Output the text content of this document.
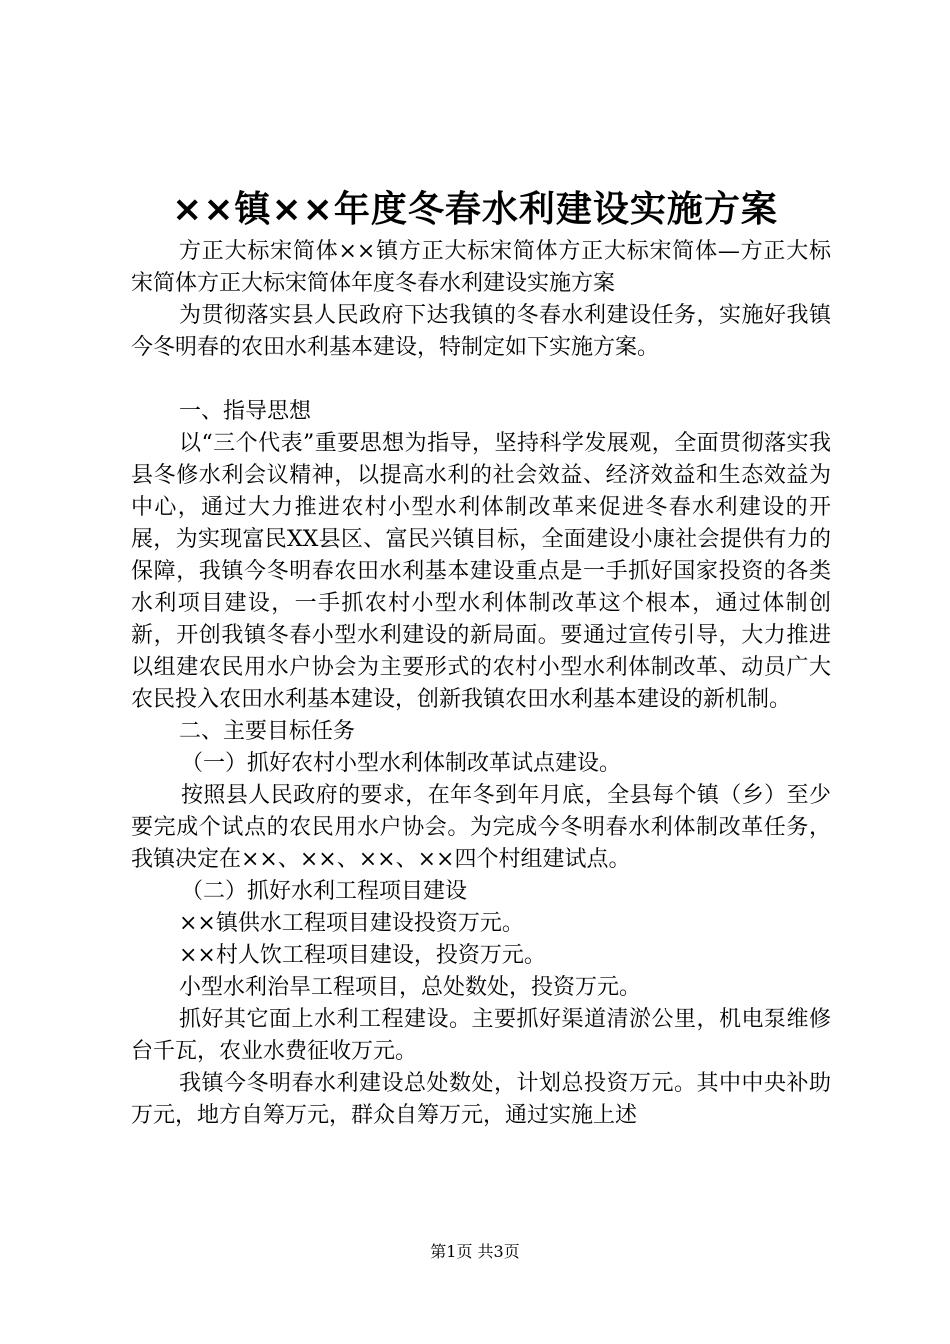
××镇××年度冬春水利建设实施方案

方正大标宋简体××镇方正大标宋简体方正大标宋简体—方正大标宋简体方正大标宋简体年度冬春水利建设实施方案

为贯彻落实县人民政府下达我镇的冬春水利建设任务，实施好我镇今冬明春的农田水利基本建设，特制定如下实施方案。

一、指导思想

以“三个代表”重要思想为指导，坚持科学发展观，全面贯彻落实我县冬修水利会议精神，以提高水利的社会效益、经济效益和生态效益为中心，通过大力推进农村小型水利体制改革来促进冬春水利建设的开展，为实现富民XX县区、富民兴镇目标，全面建设小康社会提供有力的保障，我镇今冬明春农田水利基本建设重点是一手抓好国家投资的各类水利项目建设，一手抓农村小型水利体制改革这个根本，通过体制创新，开创我镇冬春小型水利建设的新局面。要通过宣传引导，大力推进以组建农民用水户协会为主要形式的农村小型水利体制改革、动员广大农民投入农田水利基本建设，创新我镇农田水利基本建设的新机制。

二、主要目标任务

（一）抓好农村小型水利体制改革试点建设。

按照县人民政府的要求，在年冬到年月底，全县每个镇（乡）至少要完成个试点的农民用水户协会。为完成今冬明春水利体制改革任务，我镇决定在××、××、××、××四个村组建试点。

（二）抓好水利工程项目建设

××镇供水工程项目建设投资万元。

××村人饮工程项目建设，投资万元。

小型水利治旱工程项目，总处数处，投资万元。

抓好其它面上水利工程建设。主要抓好渠道清淤公里，机电泵维修台千瓦，农业水费征收万元。

我镇今冬明春水利建设总处数处，计划总投资万元。其中中央补助万元，地方自筹万元，群众自筹万元，通过实施上述

第1页 共3页
